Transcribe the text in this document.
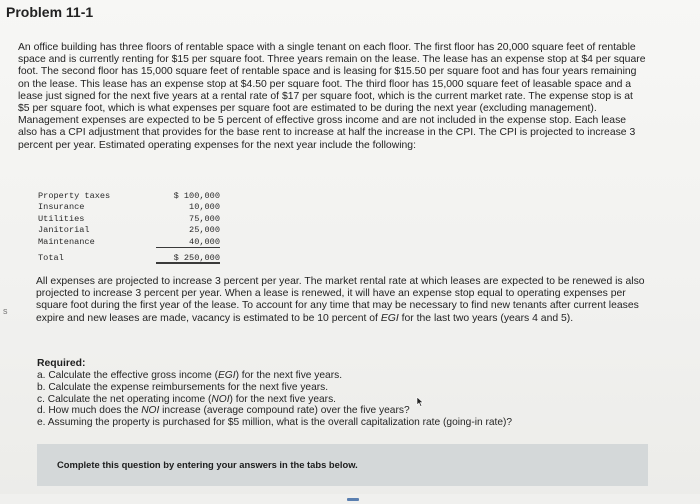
Problem 11-1

An office building has three floors of rentable space with a single tenant on each floor. The first floor has 20,000 square feet of rentable space and is currently renting for $15 per square foot. Three years remain on the lease. The lease has an expense stop at $4 per square foot. The second floor has 15,000 square feet of rentable space and is leasing for $15.50 per square foot and has four years remaining on the lease. This lease has an expense stop at $4.50 per square foot. The third floor has 15,000 square feet of leasable space and a lease just signed for the next five years at a rental rate of $17 per square foot, which is the current market rate. The expense stop is at $5 per square foot, which is what expenses per square foot are estimated to be during the next year (excluding management). Management expenses are expected to be 5 percent of effective gross income and are not included in the expense stop. Each lease also has a CPI adjustment that provides for the base rent to increase at half the increase in the CPI. The CPI is projected to increase 3 percent per year. Estimated operating expenses for the next year include the following:

Property taxes	$ 100,000
Insurance	10,000
Utilities	75,000
Janitorial	25,000
Maintenance	40,000
Total	$ 250,000
s

All expenses are projected to increase 3 percent per year. The market rental rate at which leases are expected to be renewed is also projected to increase 3 percent per year. When a lease is renewed, it will have an expense stop equal to operating expenses per square foot during the first year of the lease. To account for any time that may be necessary to find new tenants after current leases expire and new leases are made, vacancy is estimated to be 10 percent of EGI for the last two years (years 4 and 5).

Required:
a. Calculate the effective gross income (EGI) for the next five years.
b. Calculate the expense reimbursements for the next five years.
c. Calculate the net operating income (NOI) for the next five years.
d. How much does the NOI increase (average compound rate) over the five years?
e. Assuming the property is purchased for $5 million, what is the overall capitalization rate (going-in rate)?
Complete this question by entering your answers in the tabs below.
